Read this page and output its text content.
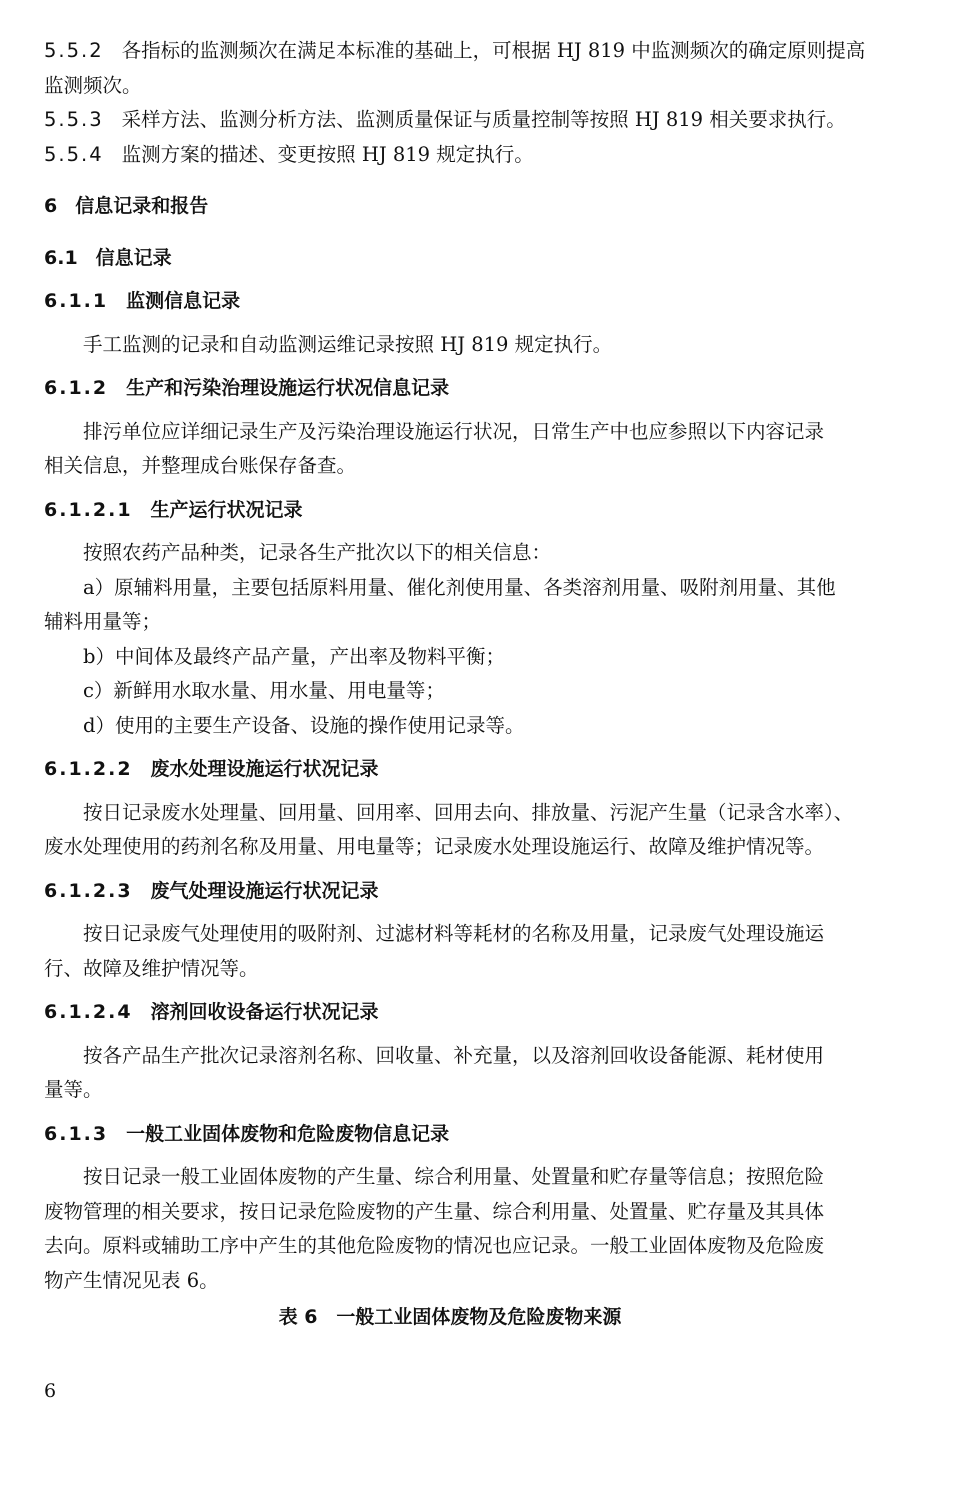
5.5.2 各指标的监测频次在满足本标准的基础上，可根据 HJ 819 中监测频次的确定原则提高
监测频次。
5.5.3 采样方法、监测分析方法、监测质量保证与质量控制等按照 HJ 819 相关要求执行。
5.5.4 监测方案的描述、变更按照 HJ 819 规定执行。
6 信息记录和报告
6.1 信息记录
6.1.1 监测信息记录
手工监测的记录和自动监测运维记录按照 HJ 819 规定执行。
6.1.2 生产和污染治理设施运行状况信息记录
排污单位应详细记录生产及污染治理设施运行状况，日常生产中也应参照以下内容记录
相关信息，并整理成台账保存备查。
6.1.2.1 生产运行状况记录
按照农药产品种类，记录各生产批次以下的相关信息：
a）原辅料用量，主要包括原料用量、催化剂使用量、各类溶剂用量、吸附剂用量、其他
辅料用量等；
b）中间体及最终产品产量，产出率及物料平衡；
c）新鲜用水取水量、用水量、用电量等；
d）使用的主要生产设备、设施的操作使用记录等。
6.1.2.2 废水处理设施运行状况记录
按日记录废水处理量、回用量、回用率、回用去向、排放量、污泥产生量（记录含水率）、
废水处理使用的药剂名称及用量、用电量等；记录废水处理设施运行、故障及维护情况等。
6.1.2.3 废气处理设施运行状况记录
按日记录废气处理使用的吸附剂、过滤材料等耗材的名称及用量，记录废气处理设施运
行、故障及维护情况等。
6.1.2.4 溶剂回收设备运行状况记录
按各产品生产批次记录溶剂名称、回收量、补充量，以及溶剂回收设备能源、耗材使用
量等。
6.1.3 一般工业固体废物和危险废物信息记录
按日记录一般工业固体废物的产生量、综合利用量、处置量和贮存量等信息；按照危险
废物管理的相关要求，按日记录危险废物的产生量、综合利用量、处置量、贮存量及其具体
去向。原料或辅助工序中产生的其他危险废物的情况也应记录。一般工业固体废物及危险废
物产生情况见表 6。
表 6　一般工业固体废物及危险废物来源
6
